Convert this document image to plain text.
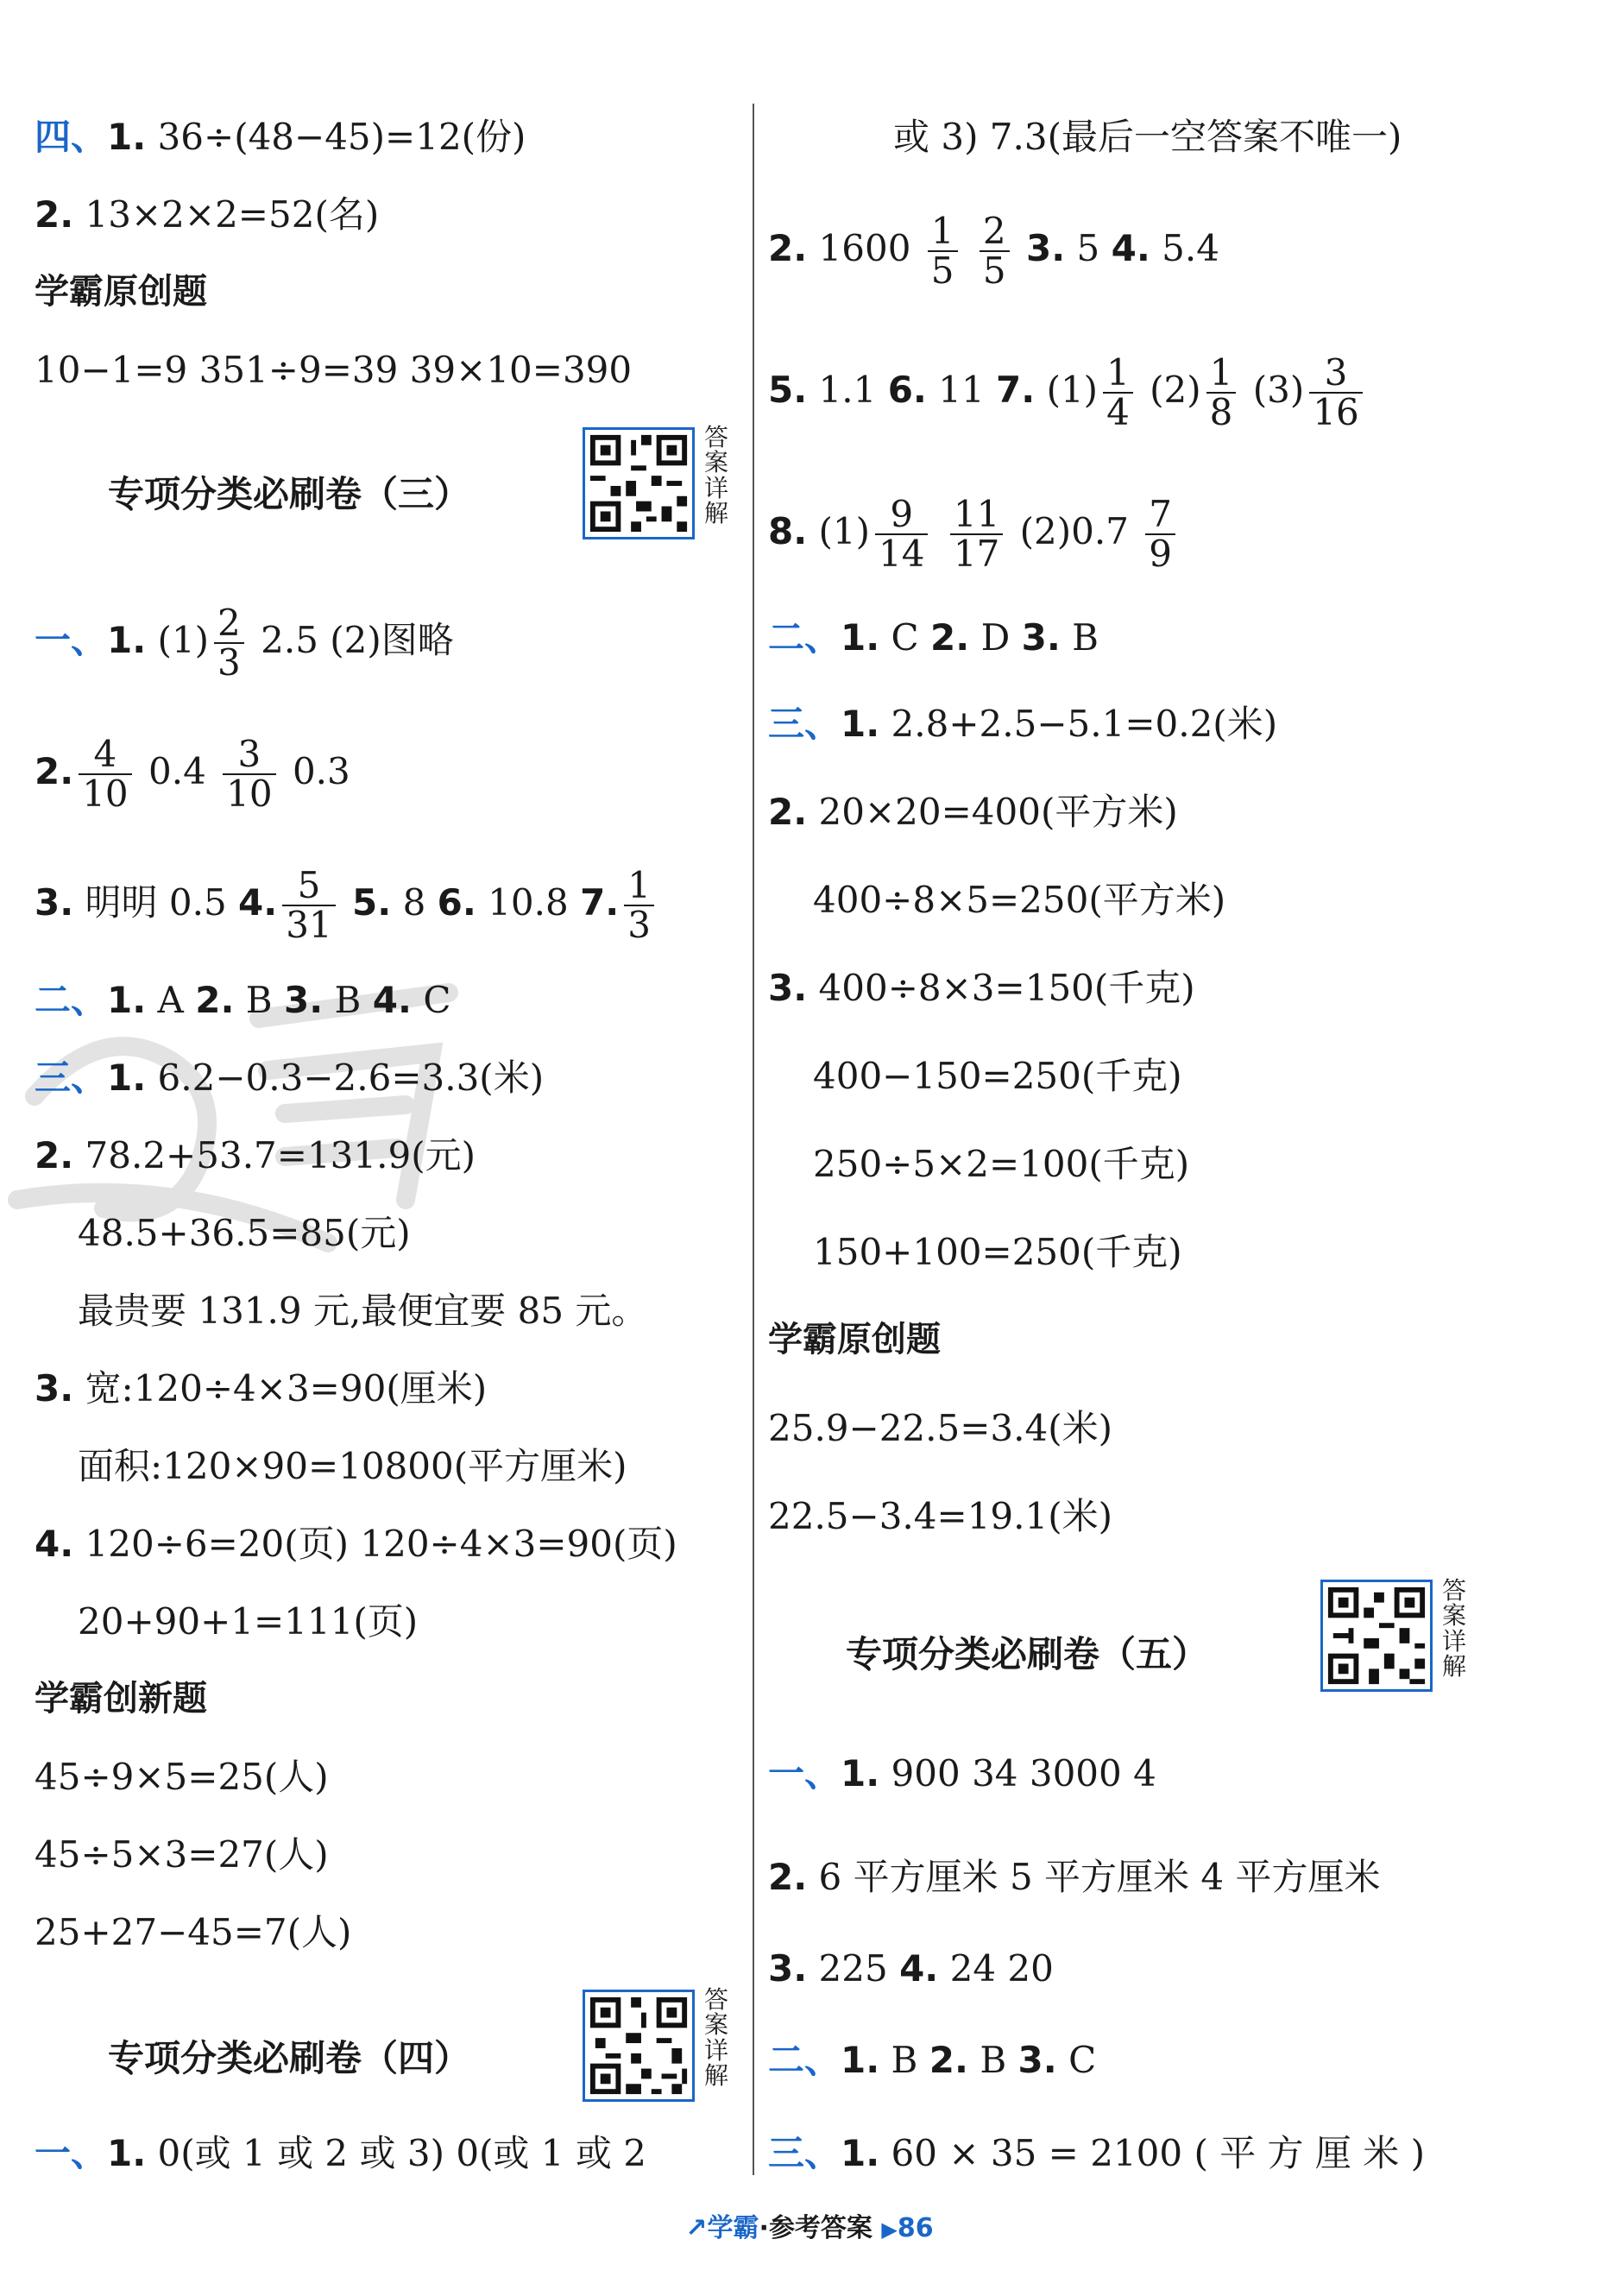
四、1. 36÷(48−45)=12(份)
2. 13×2×2=52(名)
学霸原创题
10−1=9 351÷9=39 39×10=390
专项分类必刷卷（三）
答案详解
一、1. $(1) \frac{2}{3} 2.5$ (2)图略
2. $\frac{4}{10} 0.4 \frac{3}{10} 0.3$
3. 明明 0.5 4. $\frac{5}{31} 5$. 8 6. 10.8 7. $\frac{1}{3}$
二、1. A 2. B 3. B 4. C
三、1. 6.2−0.3−2.6=3.3(米)
2. 78.2+53.7=131.9(元)
48.5+36.5=85(元)
最贵要 131.9 元,最便宜要 85 元。
3. 宽:120÷4×3=90(厘米)
面积:120×90=10800(平方厘米)
4. 120÷6=20(页) 120÷4×3=90(页)
20+90+1=111(页)
学霸创新题
45÷9×5=25(人)
45÷5×3=27(人)
25+27−45=7(人)
专项分类必刷卷（四）
答案详解
一、1. 0(或 1 或 2 或 3) 0(或 1 或 2
或 3) 7.3(最后一空答案不唯一)
2. $1600 \frac{1}{5}$
$\frac{2}{5} 3$. 5 4. 5.4
5. 1.1 6. 11 7. $(1) \frac{1}{4} (2) \frac{1}{8} (3) \frac{3}{16}$
8. $(1) \frac{9}{14}$
$\frac{11}{17} (2)0.7 \frac{7}{9}$
二、1. C 2. D 3. B
三、1. 2.8+2.5−5.1=0.2(米)
2. 20×20=400(平方米)
400÷8×5=250(平方米)
3. 400÷8×3=150(千克)
400−150=250(千克)
250÷5×2=100(千克)
150+100=250(千克)
学霸原创题
25.9−22.5=3.4(米)
22.5−3.4=19.1(米)
专项分类必刷卷（五）
答案详解
一、1. 900 34 3000 4
2. 6 平方厘米 5 平方厘米 4 平方厘米
3. 225 4. 24 20
二、1. B 2. B 3. C
三、1. 60 × 35 = 2100 ( 平 方 厘 米 )
↗学霸·参考答案 ▶86
